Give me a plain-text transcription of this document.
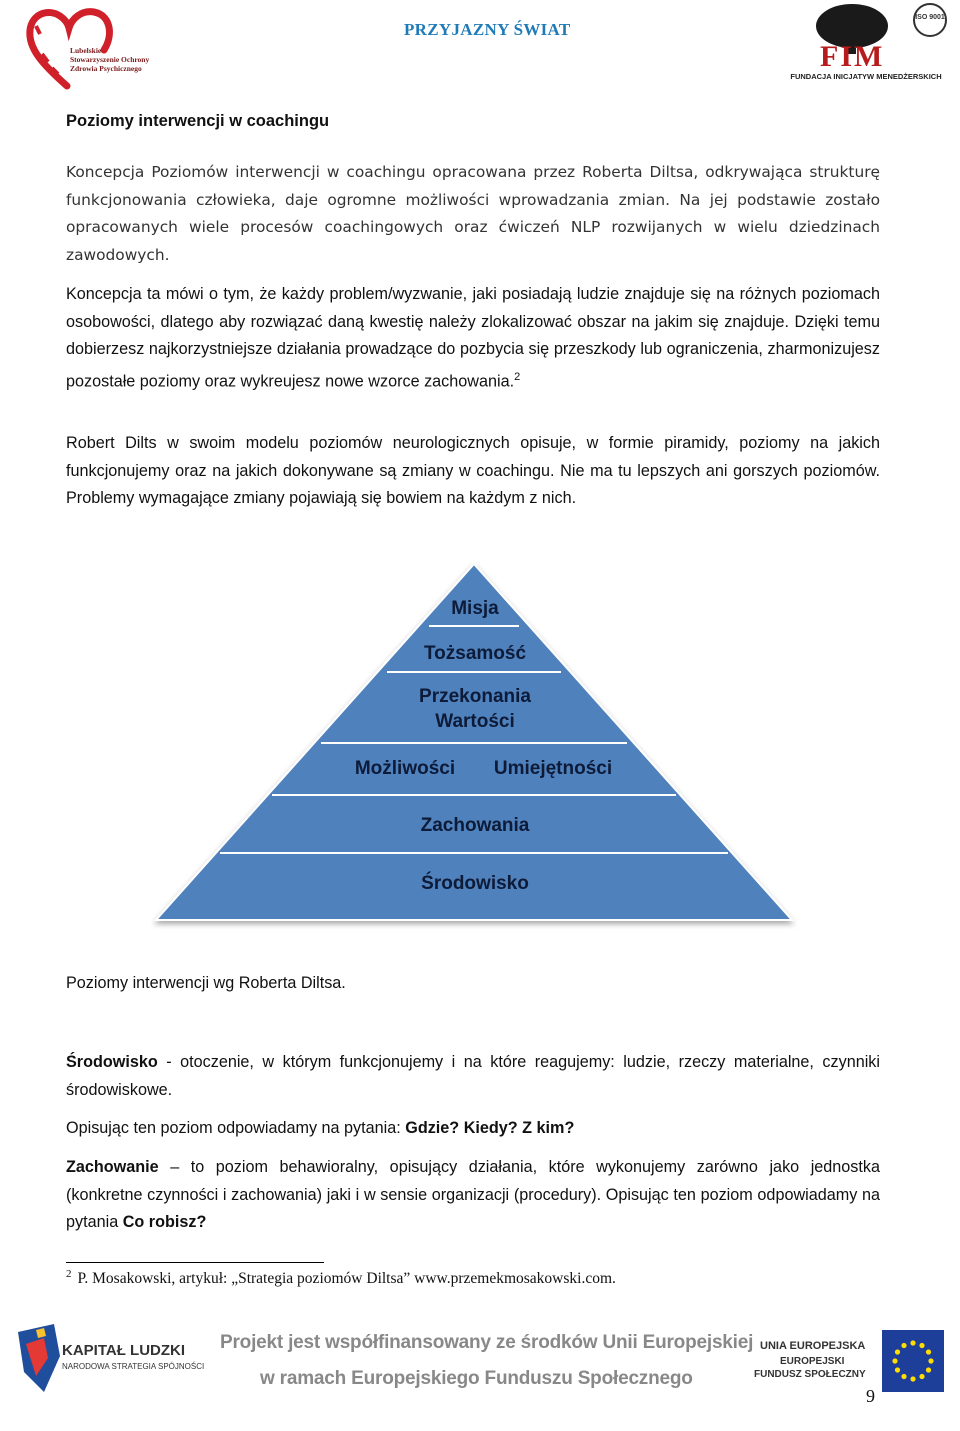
Lubelskie Stowarzyszenie Ochrony Zdrowia Psychicznego
PRZYJAZNY ŚWIAT
ISO 9001
FIM
FUNDACJA INICJATYW MENEDŻERSKICH
Poziomy interwencji w coachingu
Koncepcja Poziomów interwencji w coachingu opracowana przez Roberta Diltsa, odkrywająca strukturę funkcjonowania człowieka, daje ogromne możliwości wprowadzania zmian. Na jej podstawie zostało opracowanych wiele procesów coachingowych oraz ćwiczeń NLP rozwijanych w wielu dziedzinach zawodowych.
Koncepcja ta mówi o tym, że każdy problem/wyzwanie, jaki posiadają ludzie znajduje się na różnych poziomach osobowości, dlatego aby rozwiązać daną kwestię należy zlokalizować obszar na jakim się znajduje. Dzięki temu dobierzesz najkorzystniejsze działania prowadzące do pozbycia się przeszkody lub ograniczenia, zharmonizujesz pozostałe poziomy oraz wykreujesz nowe wzorce zachowania.$^2$
Robert Dilts w swoim modelu poziomów neurologicznych opisuje, w formie piramidy, poziomy na jakich funkcjonujemy oraz na jakich dokonywane są zmiany w coachingu. Nie ma tu lepszych ani gorszych poziomów. Problemy wymagające zmiany pojawiają się bowiem na każdym z nich.
Misja
Tożsamość
Przekonania
Wartości
Możliwości	Umiejętności
Zachowania
Środowisko
Poziomy interwencji wg Roberta Diltsa.
Środowisko - otoczenie, w którym funkcjonujemy i na które reagujemy: ludzie, rzeczy materialne, czynniki środowiskowe.
Opisując ten poziom odpowiadamy na pytania: Gdzie? Kiedy? Z kim?
Zachowanie – to poziom behawioralny, opisujący działania, które wykonujemy zarówno jako jednostka (konkretne czynności i zachowania) jaki i w sensie organizacji (procedury). Opisując ten poziom odpowiadamy na pytania Co robisz?
$^2$ P. Mosakowski, artykuł: „Strategia poziomów Diltsa” www.przemekmosakowski.com.
KAPITAŁ LUDZKI
NARODOWA STRATEGIA SPÓJNOŚCI
Projekt jest współfinansowany ze środków Unii Europejskiej
w ramach Europejskiego Funduszu Społecznego
UNIA EUROPEJSKA
EUROPEJSKI
FUNDUSZ SPOŁECZNY
9
